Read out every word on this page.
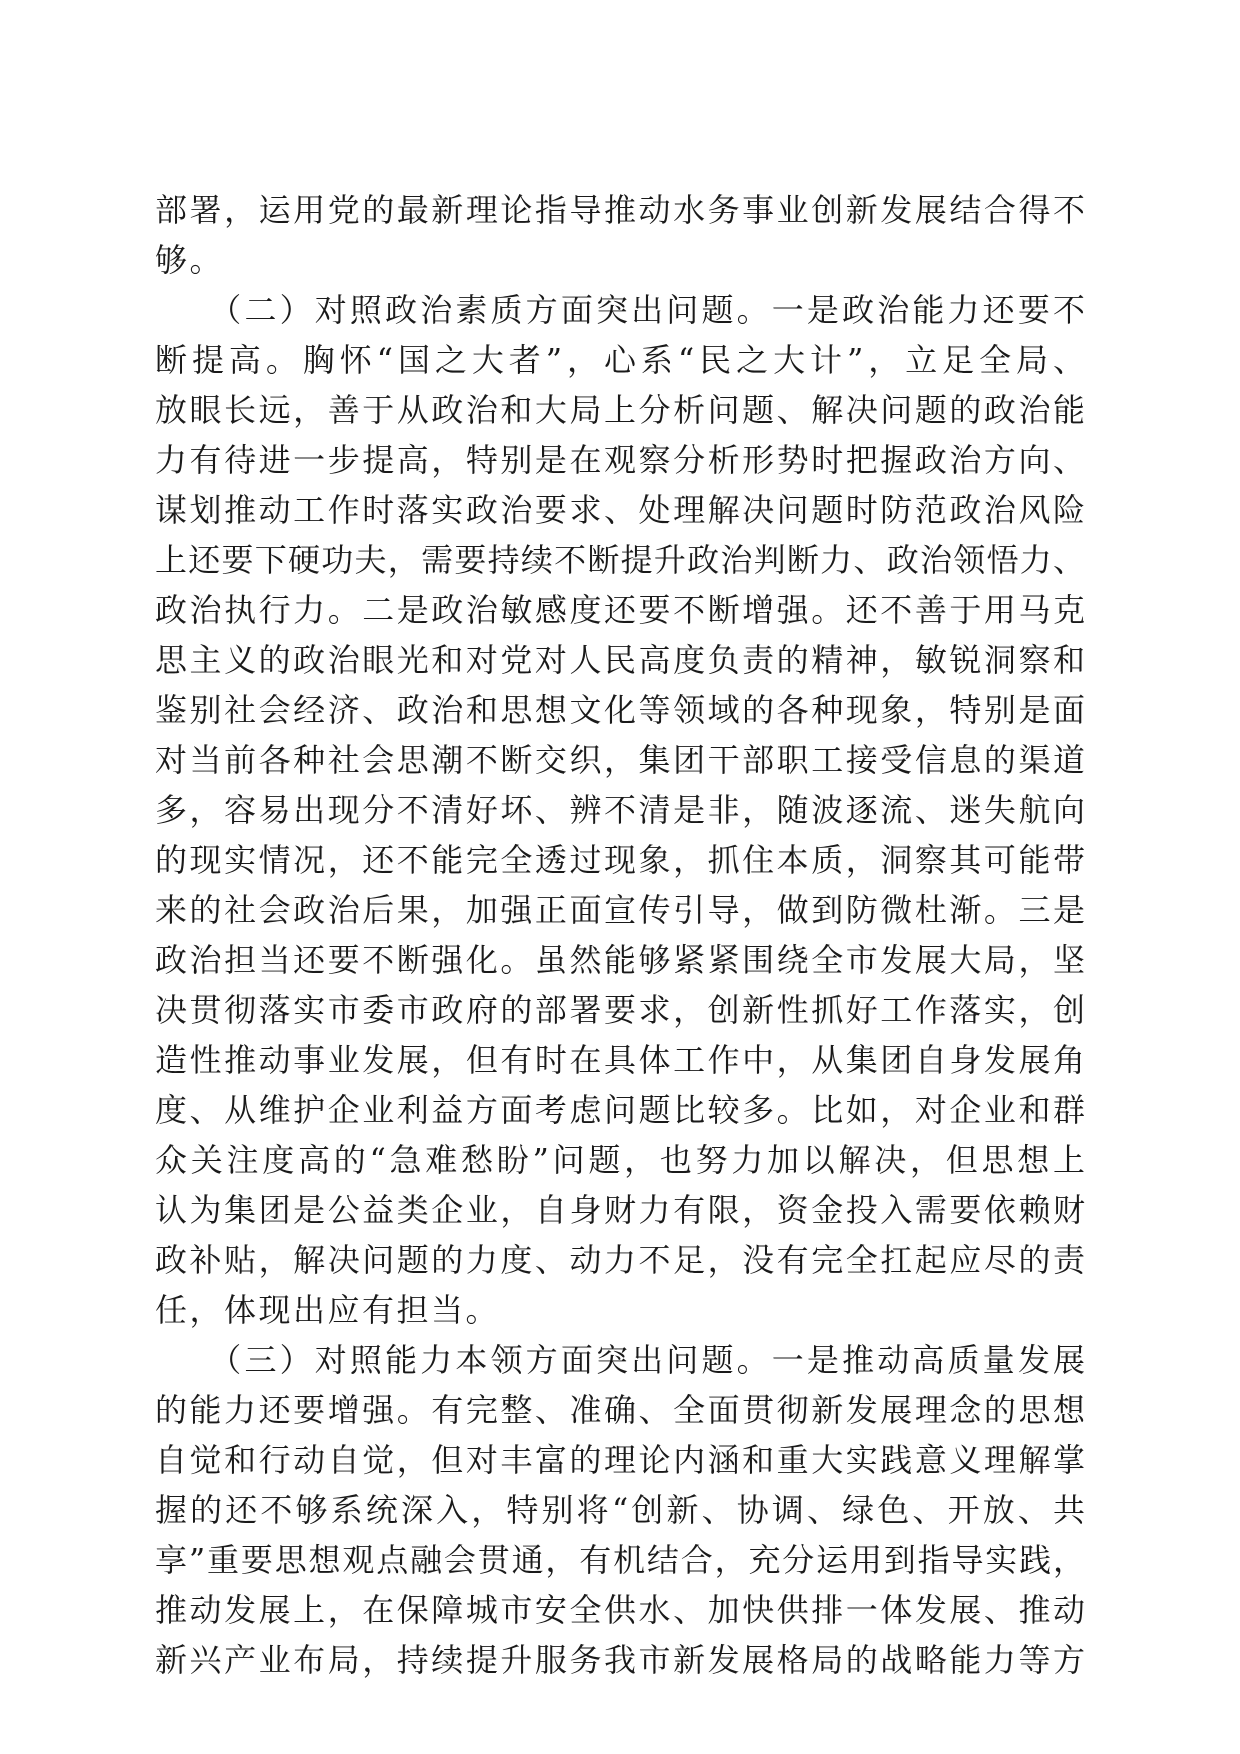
部署，运用党的最新理论指导推动水务事业创新发展结合得不
够。
　　（二）对照政治素质方面突出问题。一是政治能力还要不
断提高。胸怀“国之大者”，心系“民之大计”，立足全局、
放眼长远，善于从政治和大局上分析问题、解决问题的政治能
力有待进一步提高，特别是在观察分析形势时把握政治方向、
谋划推动工作时落实政治要求、处理解决问题时防范政治风险
上还要下硬功夫，需要持续不断提升政治判断力、政治领悟力、
政治执行力。二是政治敏感度还要不断增强。还不善于用马克
思主义的政治眼光和对党对人民高度负责的精神，敏锐洞察和
鉴别社会经济、政治和思想文化等领域的各种现象，特别是面
对当前各种社会思潮不断交织，集团干部职工接受信息的渠道
多，容易出现分不清好坏、辨不清是非，随波逐流、迷失航向
的现实情况，还不能完全透过现象，抓住本质，洞察其可能带
来的社会政治后果，加强正面宣传引导，做到防微杜渐。三是
政治担当还要不断强化。虽然能够紧紧围绕全市发展大局，坚
决贯彻落实市委市政府的部署要求，创新性抓好工作落实，创
造性推动事业发展，但有时在具体工作中，从集团自身发展角
度、从维护企业利益方面考虑问题比较多。比如，对企业和群
众关注度高的“急难愁盼”问题，也努力加以解决，但思想上
认为集团是公益类企业，自身财力有限，资金投入需要依赖财
政补贴，解决问题的力度、动力不足，没有完全扛起应尽的责
任，体现出应有担当。
　　（三）对照能力本领方面突出问题。一是推动高质量发展
的能力还要增强。有完整、准确、全面贯彻新发展理念的思想
自觉和行动自觉，但对丰富的理论内涵和重大实践意义理解掌
握的还不够系统深入，特别将“创新、协调、绿色、开放、共
享”重要思想观点融会贯通，有机结合，充分运用到指导实践，
推动发展上，在保障城市安全供水、加快供排一体发展、推动
新兴产业布局，持续提升服务我市新发展格局的战略能力等方
